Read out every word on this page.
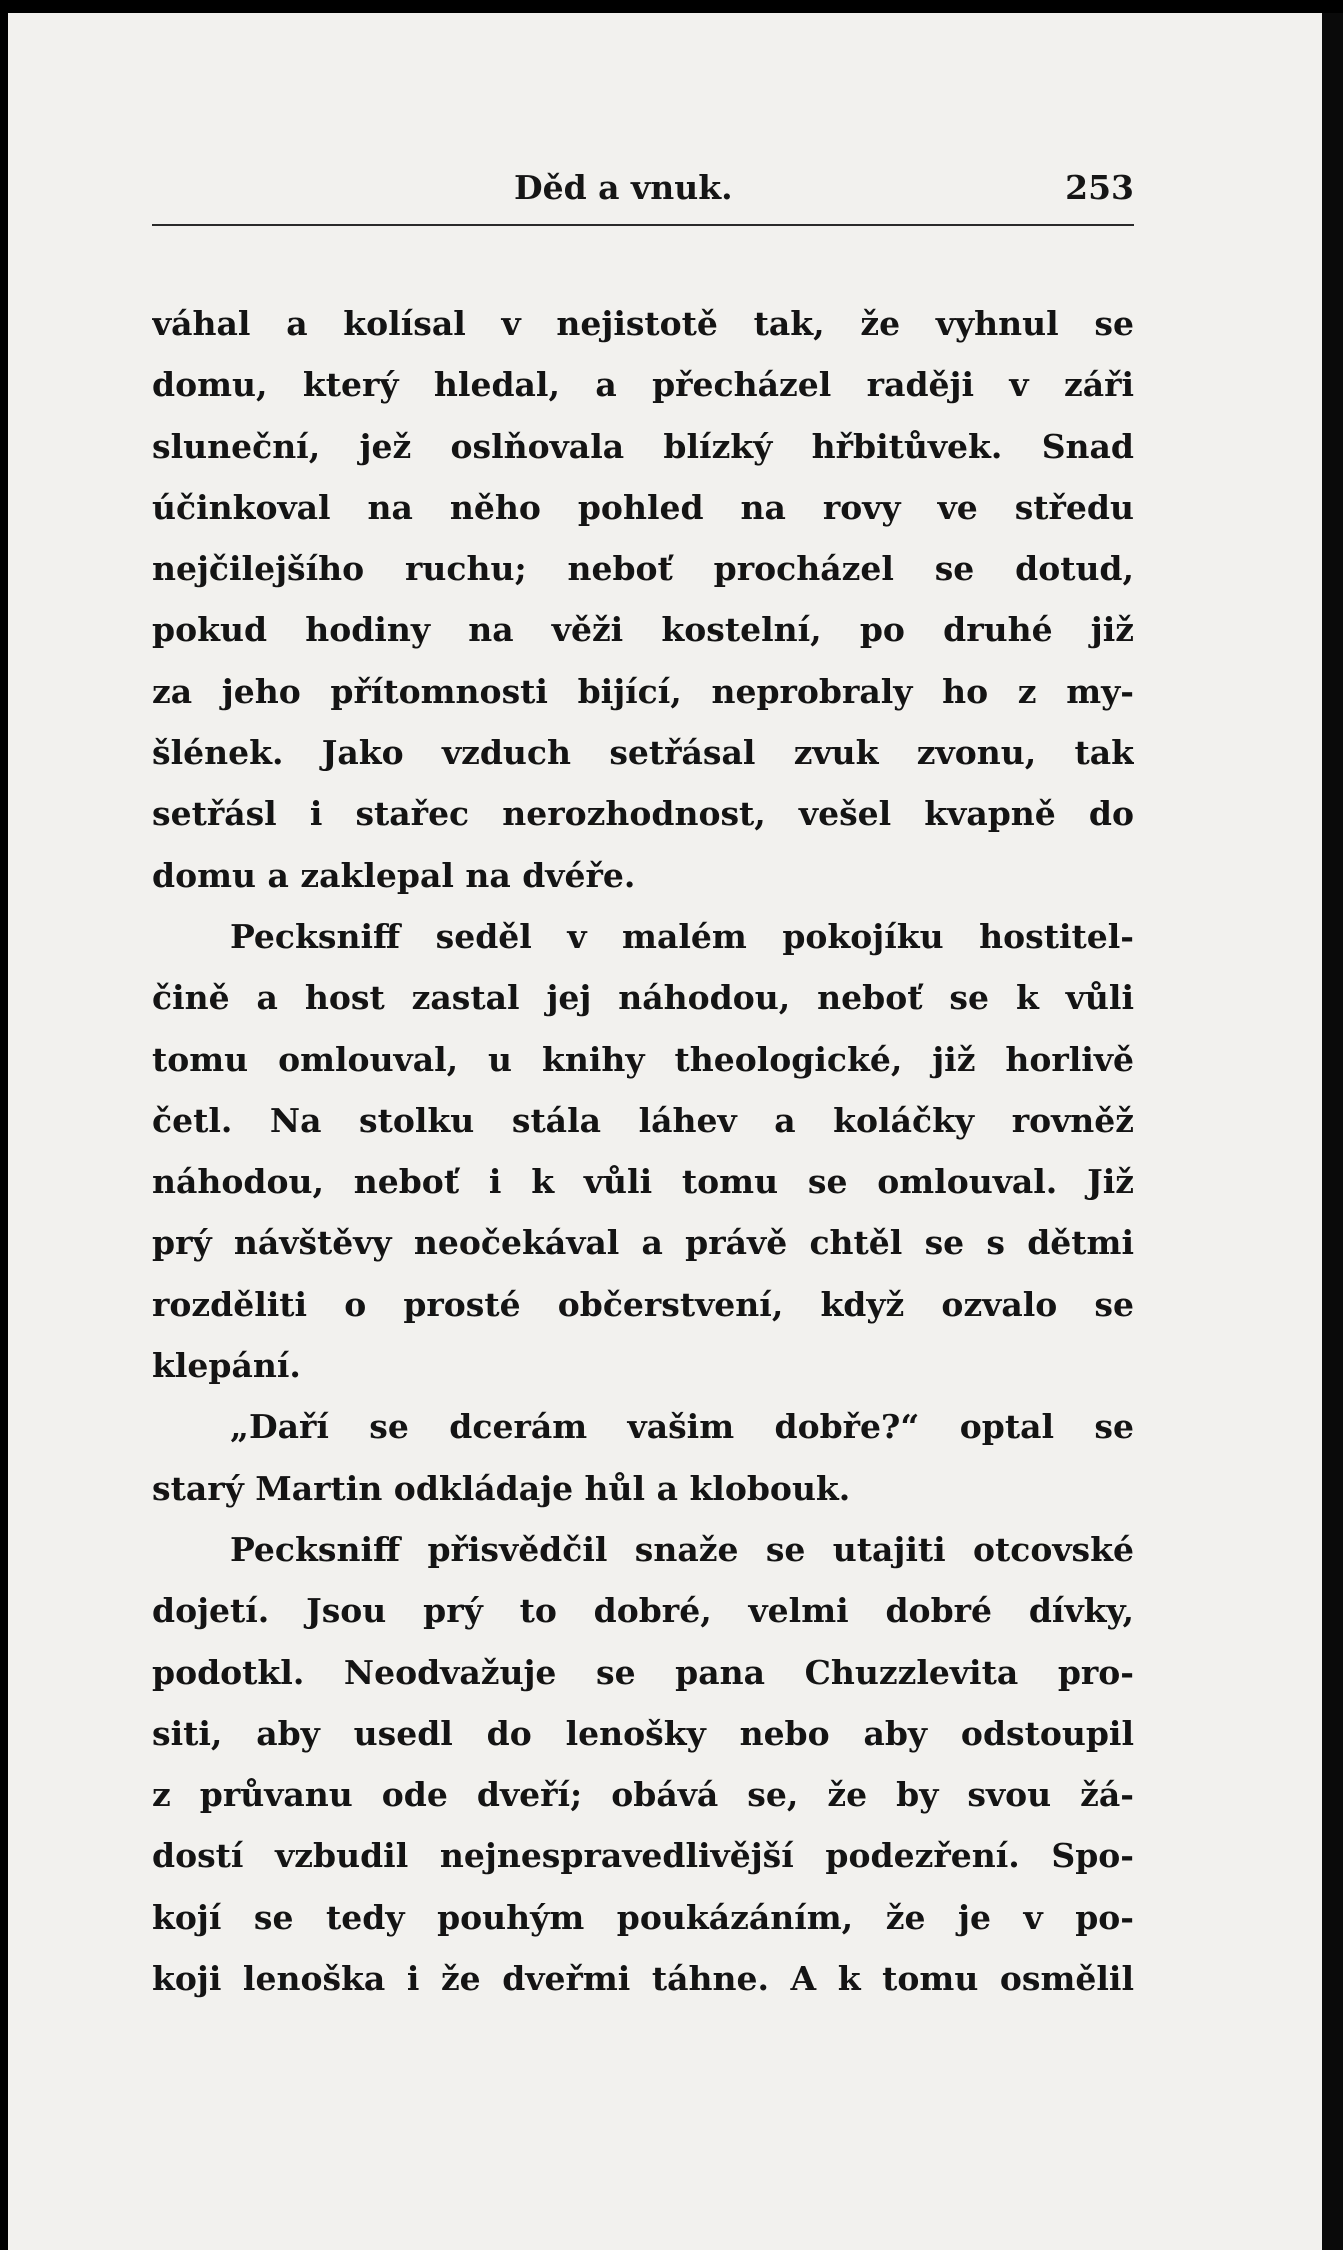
Děd a vnuk.	253
váhal a kolísal v nejistotě tak, že vyhnul se
domu, který hledal, a přecházel raději v záři
sluneční, jež oslňovala blízký hřbitůvek. Snad
účinkoval na něho pohled na rovy ve středu
nejčilejšího ruchu; neboť procházel se dotud,
pokud hodiny na věži kostelní, po druhé již
za jeho přítomnosti bijící, neprobraly ho z my-
šlének. Jako vzduch setřásal zvuk zvonu, tak
setřásl i stařec nerozhodnost, vešel kvapně do
domu a zaklepal na dvéře.
Pecksniff seděl v malém pokojíku hostitel-
čině a host zastal jej náhodou, neboť se k vůli
tomu omlouval, u knihy theologické, již horlivě
četl. Na stolku stála láhev a koláčky rovněž
náhodou, neboť i k vůli tomu se omlouval. Již
prý návštěvy neočekával a právě chtěl se s dětmi
rozděliti o prosté občerstvení, když ozvalo se
klepání.
„Daří se dcerám vašim dobře?“ optal se
starý Martin odkládaje hůl a klobouk.
Pecksniff přisvědčil snaže se utajiti otcovské
dojetí. Jsou prý to dobré, velmi dobré dívky,
podotkl. Neodvažuje se pana Chuzzlevita pro-
siti, aby usedl do lenošky nebo aby odstoupil
z průvanu ode dveří; obává se, že by svou žá-
dostí vzbudil nejnespravedlivější podezření. Spo-
kojí se tedy pouhým poukázáním, že je v po-
koji lenoška i že dveřmi táhne. A k tomu osmělil
